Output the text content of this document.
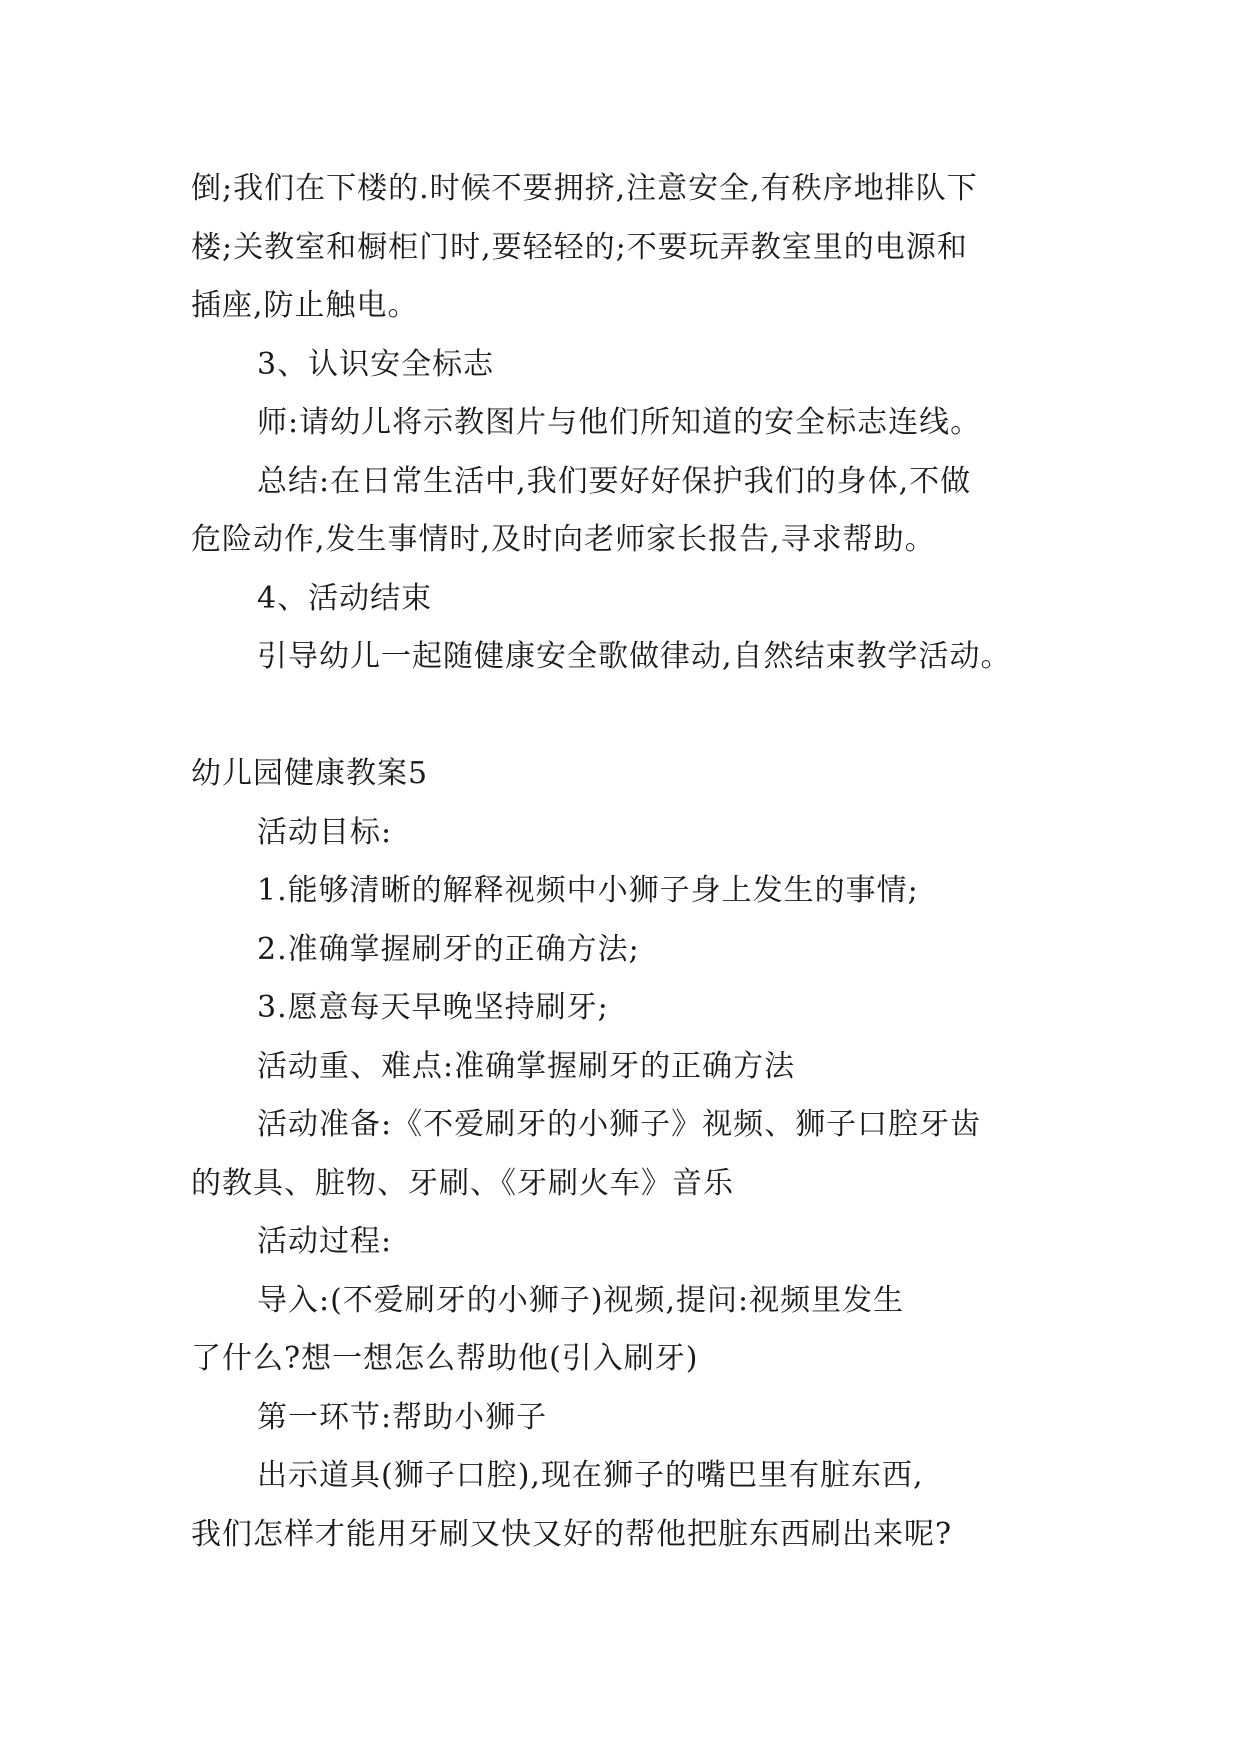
倒;我们在下楼的.时候不要拥挤,注意安全,有秩序地排队下
楼;关教室和橱柜门时,要轻轻的;不要玩弄教室里的电源和
插座,防止触电。
3、认识安全标志
师:请幼儿将示教图片与他们所知道的安全标志连线。
总结:在日常生活中,我们要好好保护我们的身体,不做
危险动作,发生事情时,及时向老师家长报告,寻求帮助。
4、活动结束
引导幼儿一起随健康安全歌做律动,自然结束教学活动。
幼儿园健康教案5
活动目标:
1.能够清晰的解释视频中小狮子身上发生的事情;
2.准确掌握刷牙的正确方法;
3.愿意每天早晚坚持刷牙;
活动重、难点:准确掌握刷牙的正确方法
活动准备:《不爱刷牙的小狮子》视频、狮子口腔牙齿
的教具、脏物、牙刷、《牙刷火车》音乐
活动过程:
导入:(不爱刷牙的小狮子)视频,提问:视频里发生
了什么?想一想怎么帮助他(引入刷牙)
第一环节:帮助小狮子
出示道具(狮子口腔),现在狮子的嘴巴里有脏东西,
我们怎样才能用牙刷又快又好的帮他把脏东西刷出来呢?
